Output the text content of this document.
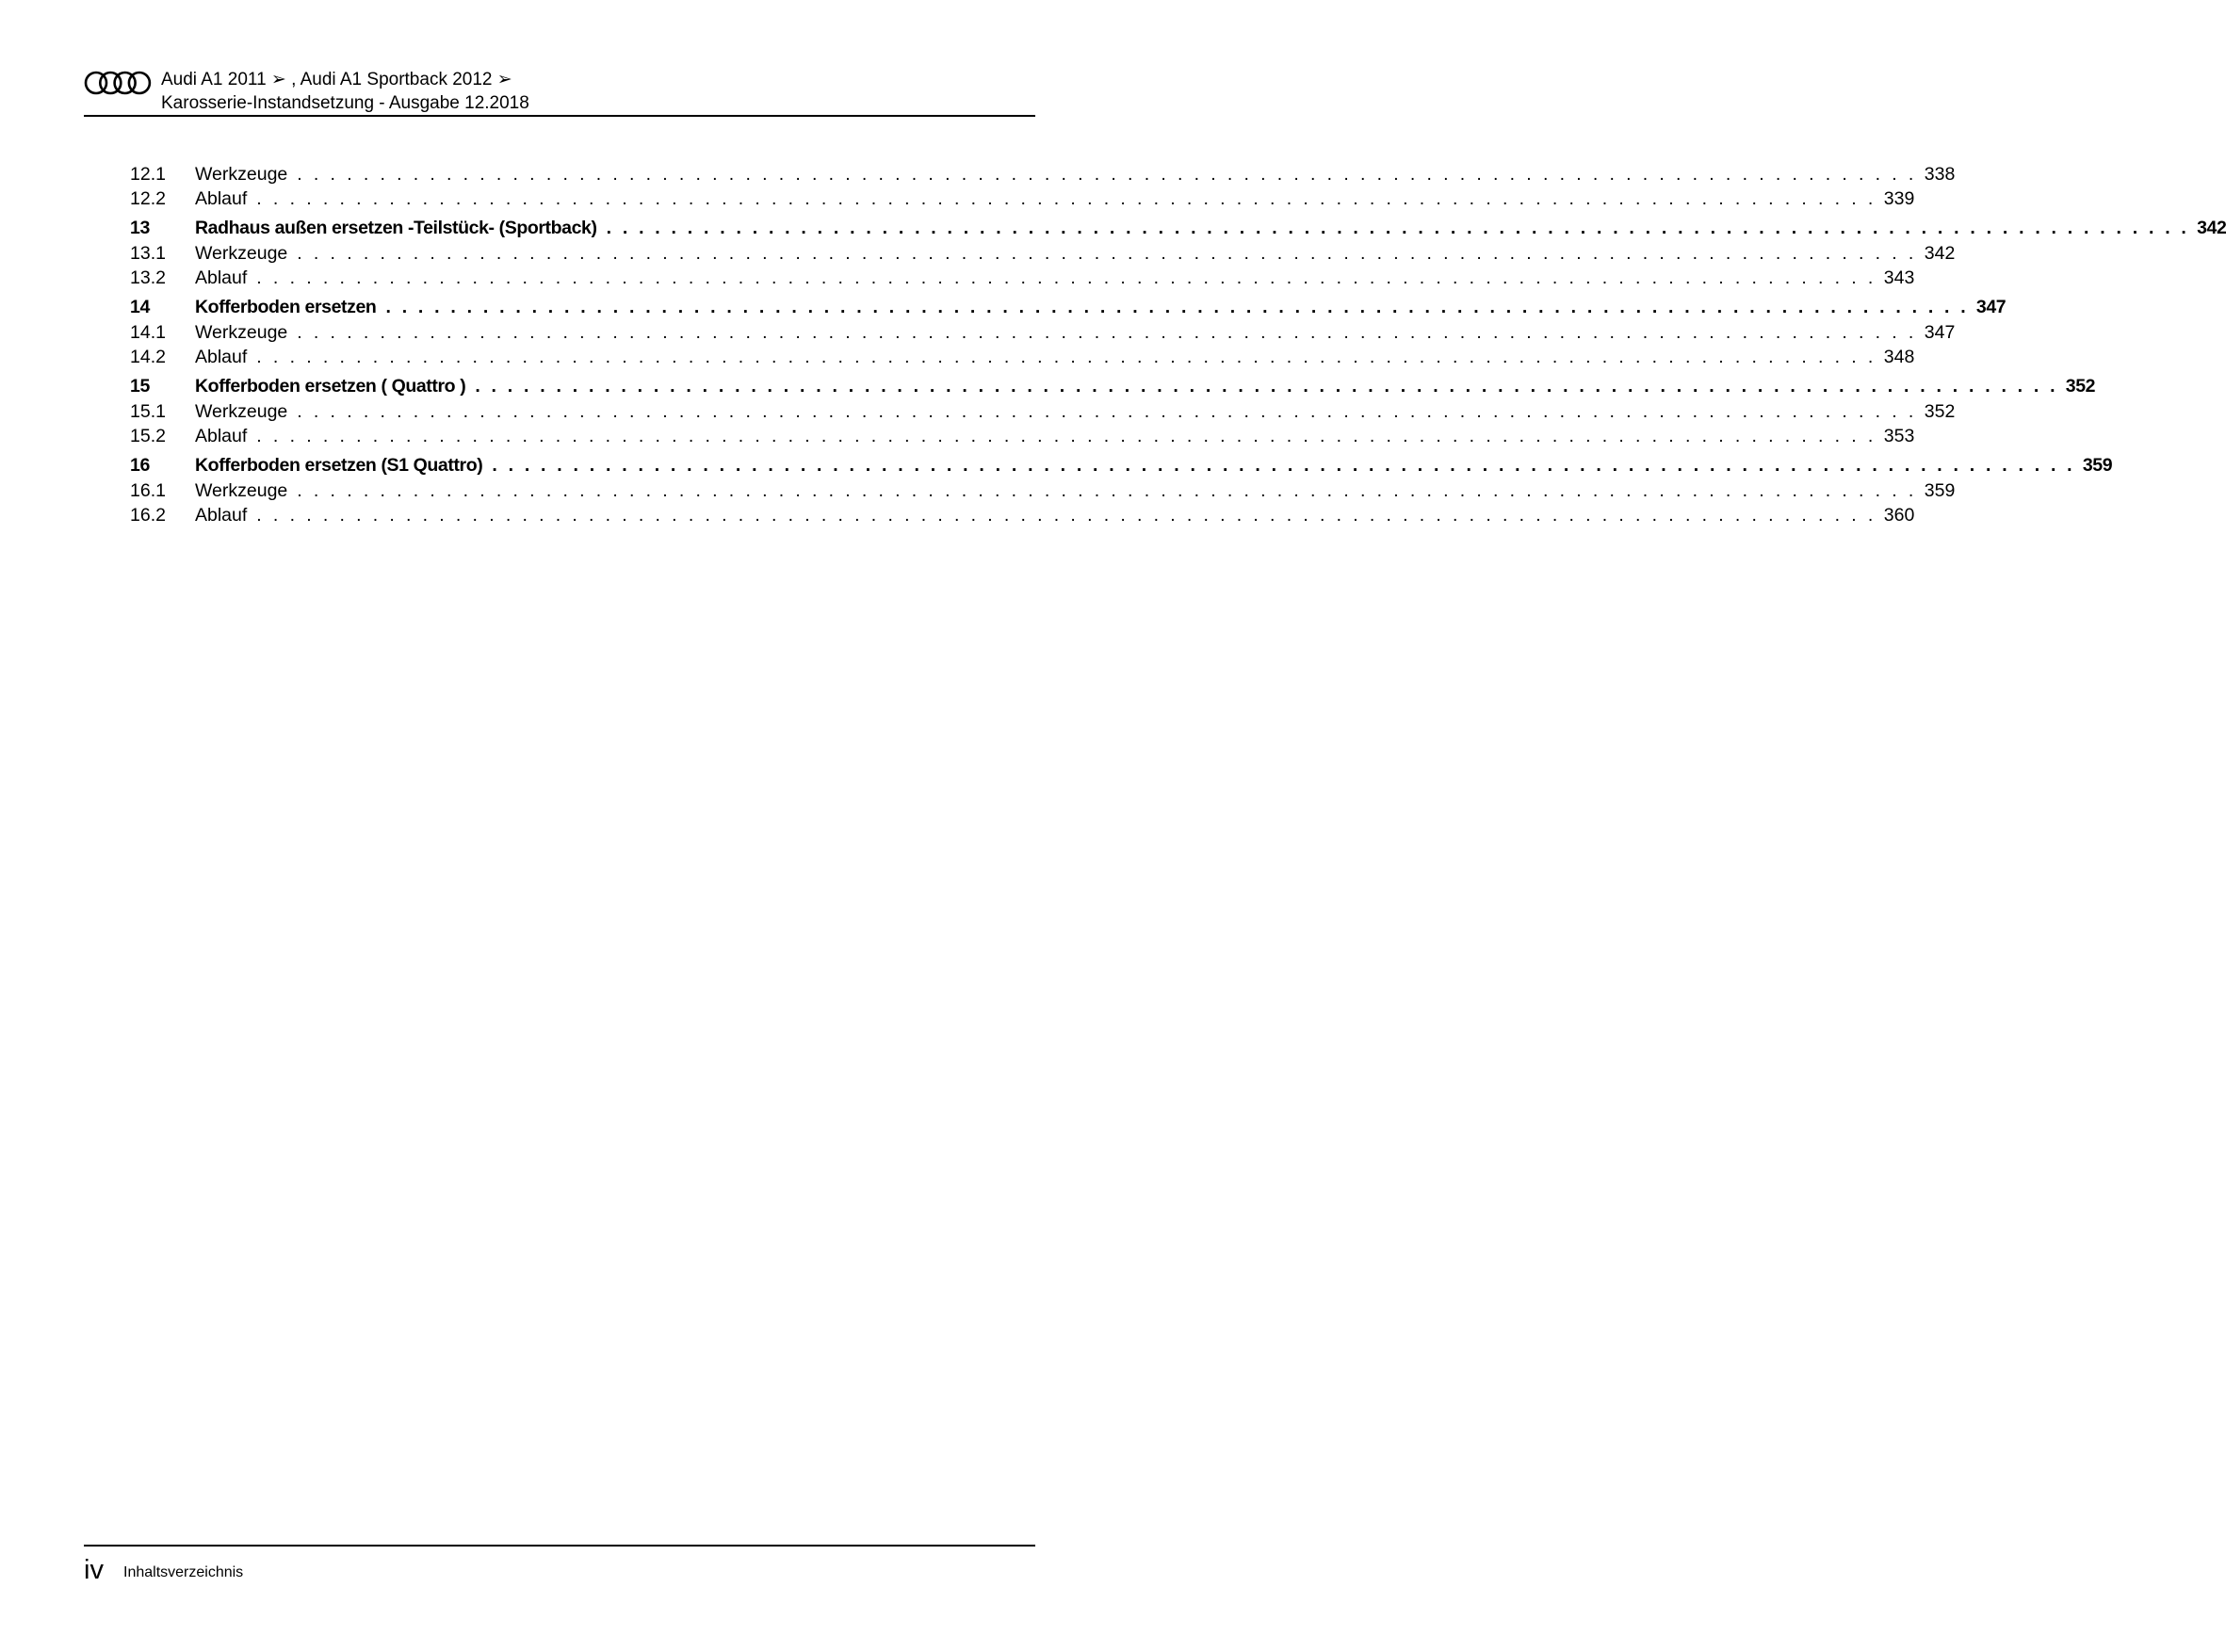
Audi A1 2011 ➢ , Audi A1 Sportback 2012 ➢
Karosserie-Instandsetzung - Ausgabe 12.2018
12.1 Werkzeuge . . . . . . . . . . . . . . . . . . . . . . . . . . . . . . . . . . . . . . . . . . . . . . . . . . . . . . . . . . . . . . . . . . . . . . . . . . . . . . . . . . . . . . . . . . . . . . . . . . 338
12.2 Ablauf . . . . . . . . . . . . . . . . . . . . . . . . . . . . . . . . . . . . . . . . . . . . . . . . . . . . . . . . . . . . . . . . . . . . . . . . . . . . . . . . . . . . . . . . . . . . . . . . . . 339
13 Radhaus außen ersetzen -Teilstück- (Sportback) . . . . . . . . . . . . . . . . . . . . . . . . . . . . . . . . . . . . . . . . . . . . . . . . . . . . . . . . . . . . . . . . . . . . . . . . . . . . . . . . . . . . . . . . . . . . . . . . . . 342
13.1 Werkzeuge . . . . . . . . . . . . . . . . . . . . . . . . . . . . . . . . . . . . . . . . . . . . . . . . . . . . . . . . . . . . . . . . . . . . . . . . . . . . . . . . . . . . . . . . . . . . . . . . . . 342
13.2 Ablauf . . . . . . . . . . . . . . . . . . . . . . . . . . . . . . . . . . . . . . . . . . . . . . . . . . . . . . . . . . . . . . . . . . . . . . . . . . . . . . . . . . . . . . . . . . . . . . . . . . 343
14 Kofferboden ersetzen . . . . . . . . . . . . . . . . . . . . . . . . . . . . . . . . . . . . . . . . . . . . . . . . . . . . . . . . . . . . . . . . . . . . . . . . . . . . . . . . . . . . . . . . . . . . . . . . . . 347
14.1 Werkzeuge . . . . . . . . . . . . . . . . . . . . . . . . . . . . . . . . . . . . . . . . . . . . . . . . . . . . . . . . . . . . . . . . . . . . . . . . . . . . . . . . . . . . . . . . . . . . . . . . . . 347
14.2 Ablauf . . . . . . . . . . . . . . . . . . . . . . . . . . . . . . . . . . . . . . . . . . . . . . . . . . . . . . . . . . . . . . . . . . . . . . . . . . . . . . . . . . . . . . . . . . . . . . . . . . 348
15 Kofferboden ersetzen ( Quattro ) . . . . . . . . . . . . . . . . . . . . . . . . . . . . . . . . . . . . . . . . . . . . . . . . . . . . . . . . . . . . . . . . . . . . . . . . . . . . . . . . . . . . . . . . . . . . . . . . . . 352
15.1 Werkzeuge . . . . . . . . . . . . . . . . . . . . . . . . . . . . . . . . . . . . . . . . . . . . . . . . . . . . . . . . . . . . . . . . . . . . . . . . . . . . . . . . . . . . . . . . . . . . . . . . . . 352
15.2 Ablauf . . . . . . . . . . . . . . . . . . . . . . . . . . . . . . . . . . . . . . . . . . . . . . . . . . . . . . . . . . . . . . . . . . . . . . . . . . . . . . . . . . . . . . . . . . . . . . . . . . 353
16 Kofferboden ersetzen (S1 Quattro) . . . . . . . . . . . . . . . . . . . . . . . . . . . . . . . . . . . . . . . . . . . . . . . . . . . . . . . . . . . . . . . . . . . . . . . . . . . . . . . . . . . . . . . . . . . . . . . . . . 359
16.1 Werkzeuge . . . . . . . . . . . . . . . . . . . . . . . . . . . . . . . . . . . . . . . . . . . . . . . . . . . . . . . . . . . . . . . . . . . . . . . . . . . . . . . . . . . . . . . . . . . . . . . . . . 359
16.2 Ablauf . . . . . . . . . . . . . . . . . . . . . . . . . . . . . . . . . . . . . . . . . . . . . . . . . . . . . . . . . . . . . . . . . . . . . . . . . . . . . . . . . . . . . . . . . . . . . . . . . . 360
iv Inhaltsverzeichnis
